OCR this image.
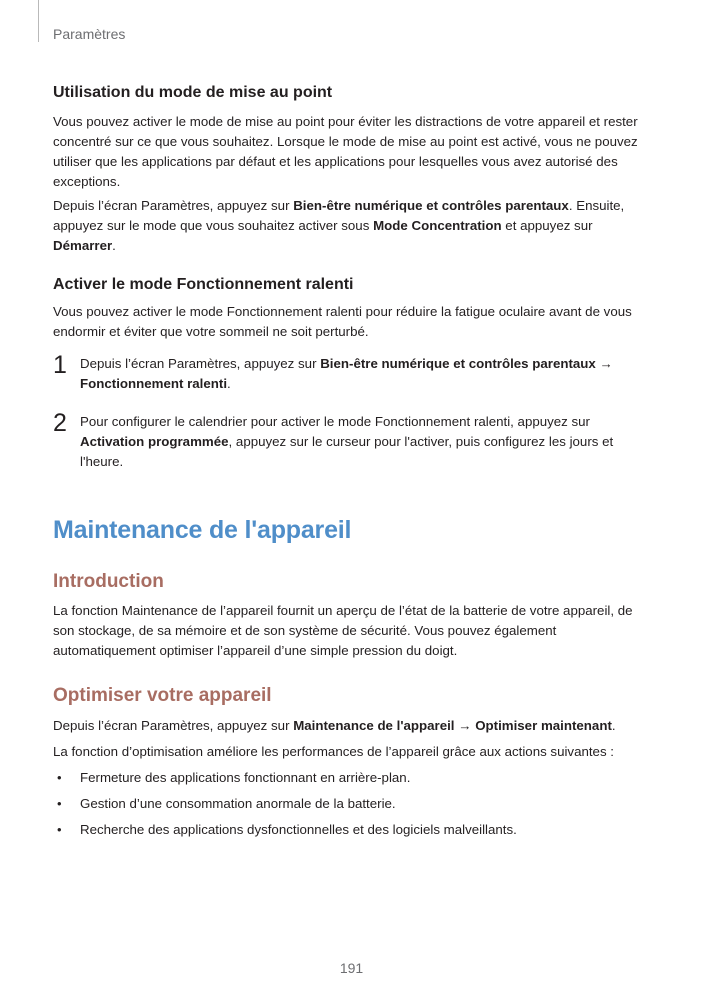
Paramètres
Utilisation du mode de mise au point

Vous pouvez activer le mode de mise au point pour éviter les distractions de votre appareil et rester concentré sur ce que vous souhaitez. Lorsque le mode de mise au point est activé, vous ne pouvez utiliser que les applications par défaut et les applications pour lesquelles vous avez autorisé des exceptions.

Depuis l’écran Paramètres, appuyez sur Bien-être numérique et contrôles parentaux. Ensuite, appuyez sur le mode que vous souhaitez activer sous Mode Concentration et appuyez sur Démarrer.

Activer le mode Fonctionnement ralenti

Vous pouvez activer le mode Fonctionnement ralenti pour réduire la fatigue oculaire avant de vous endormir et éviter que votre sommeil ne soit perturbé.

1 Depuis l’écran Paramètres, appuyez sur Bien-être numérique et contrôles parentaux → Fonctionnement ralenti.

2 Pour configurer le calendrier pour activer le mode Fonctionnement ralenti, appuyez sur Activation programmée, appuyez sur le curseur pour l'activer, puis configurez les jours et l'heure.

Maintenance de l'appareil
Introduction

La fonction Maintenance de l’appareil fournit un aperçu de l’état de la batterie de votre appareil, de son stockage, de sa mémoire et de son système de sécurité. Vous pouvez également automatiquement optimiser l’appareil d’une simple pression du doigt.

Optimiser votre appareil

Depuis l’écran Paramètres, appuyez sur Maintenance de l'appareil → Optimiser maintenant.

La fonction d’optimisation améliore les performances de l’appareil grâce aux actions suivantes :

•	Fermeture des applications fonctionnant en arrière-plan.

•	Gestion d’une consommation anormale de la batterie.

•	Recherche des applications dysfonctionnelles et des logiciels malveillants.

191
